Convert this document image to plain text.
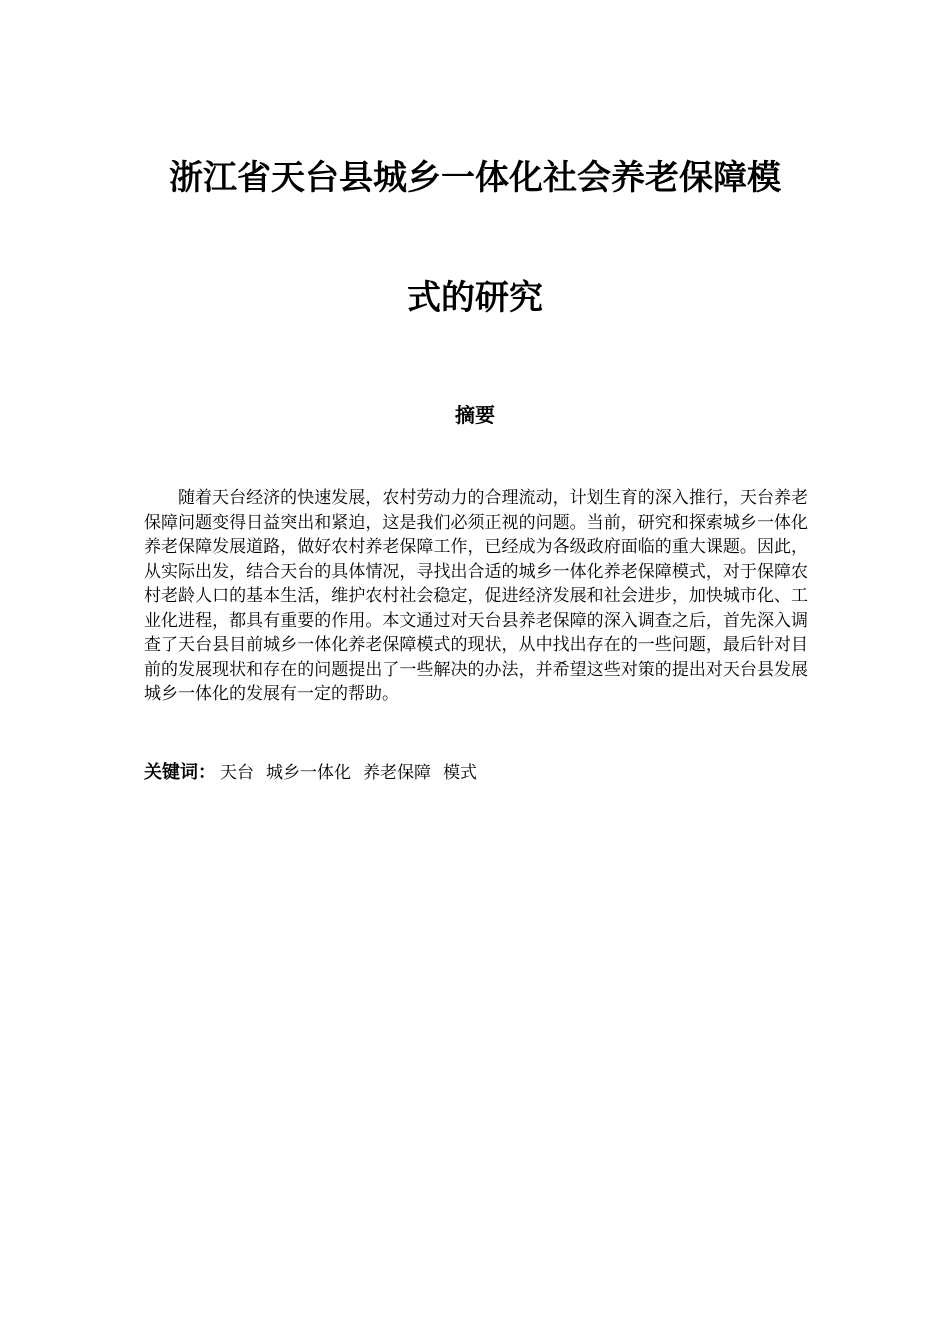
浙江省天台县城乡一体化社会养老保障模
式的研究
摘要

随着天台经济的快速发展，农村劳动力的合理流动，计划生育的深入推行，天台养老保障问题变得日益突出和紧迫，这是我们必须正视的问题。当前，研究和探索城乡一体化养老保障发展道路，做好农村养老保障工作，已经成为各级政府面临的重大课题。因此，从实际出发，结合天台的具体情况，寻找出合适的城乡一体化养老保障模式，对于保障农村老龄人口的基本生活，维护农村社会稳定，促进经济发展和社会进步，加快城市化、工业化进程，都具有重要的作用。本文通过对天台县养老保障的深入调查之后，首先深入调查了天台县目前城乡一体化养老保障模式的现状，从中找出存在的一些问题，最后针对目前的发展现状和存在的问题提出了一些解决的办法，并希望这些对策的提出对天台县发展城乡一体化的发展有一定的帮助。

关键词： 天台 城乡一体化 养老保障 模式
